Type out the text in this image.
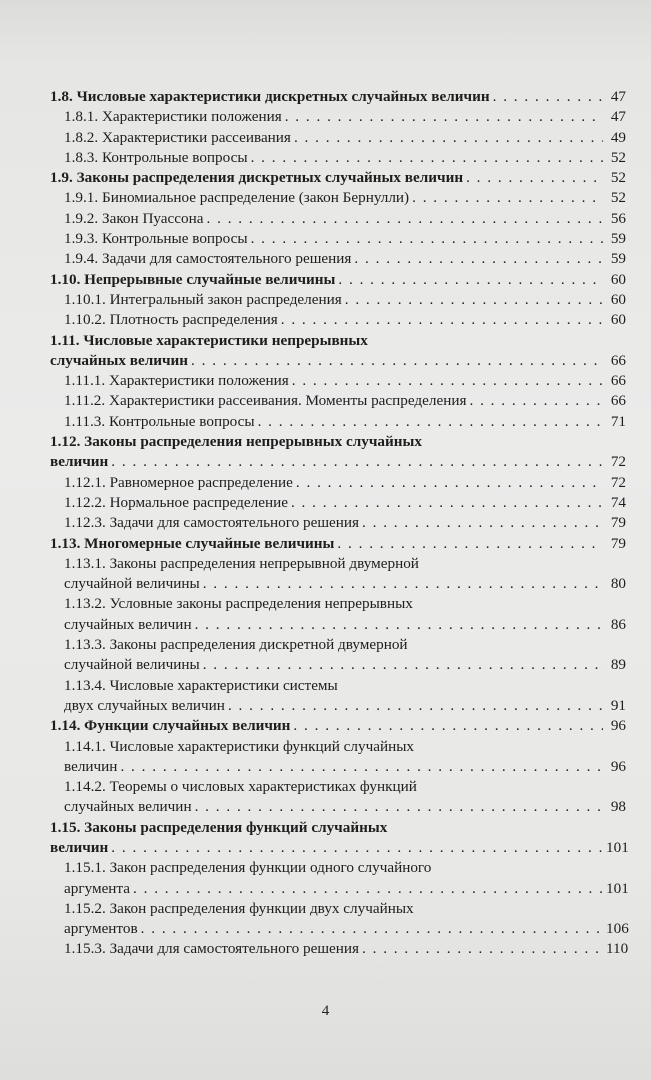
1.8. Числовые характеристики дискретных случайных величин . . .	47
1.8.1. Характеристики положения . . .	47
1.8.2. Характеристики рассеивания . . .	49
1.8.3. Контрольные вопросы . . .	52
1.9. Законы распределения дискретных случайных величин . . .	52
1.9.1. Биномиальное распределение (закон Бернулли) . . .	52
1.9.2. Закон Пуассона . . .	56
1.9.3. Контрольные вопросы . . .	59
1.9.4. Задачи для самостоятельного решения . . .	59
1.10. Непрерывные случайные величины . . .	60
1.10.1. Интегральный закон распределения . . .	60
1.10.2. Плотность распределения . . .	60
1.11. Числовые характеристики непрерывных
случайных величин . . .	66
1.11.1. Характеристики положения . . .	66
1.11.2. Характеристики рассеивания. Моменты распределения . . .	66
1.11.3. Контрольные вопросы . . .	71
1.12. Законы распределения непрерывных случайных
величин . . .	72
1.12.1. Равномерное распределение . . .	72
1.12.2. Нормальное распределение . . .	74
1.12.3. Задачи для самостоятельного решения . . .	79
1.13. Многомерные случайные величины . . .	79
1.13.1. Законы распределения непрерывной двумерной
случайной величины . . .	80
1.13.2. Условные законы распределения непрерывных
случайных величин . . .	86
1.13.3. Законы распределения дискретной двумерной
случайной величины . . .	89
1.13.4. Числовые характеристики системы
двух случайных величин . . .	91
1.14. Функции случайных величин . . .	96
1.14.1. Числовые характеристики функций случайных
величин . . .	96
1.14.2. Теоремы о числовых характеристиках функций
случайных величин . . .	98
1.15. Законы распределения функций случайных
величин . . .	101
1.15.1. Закон распределения функции одного случайного
аргумента . . .	101
1.15.2. Закон распределения функции двух случайных
аргументов . . .	106
1.15.3. Задачи для самостоятельного решения . . .	110
4
